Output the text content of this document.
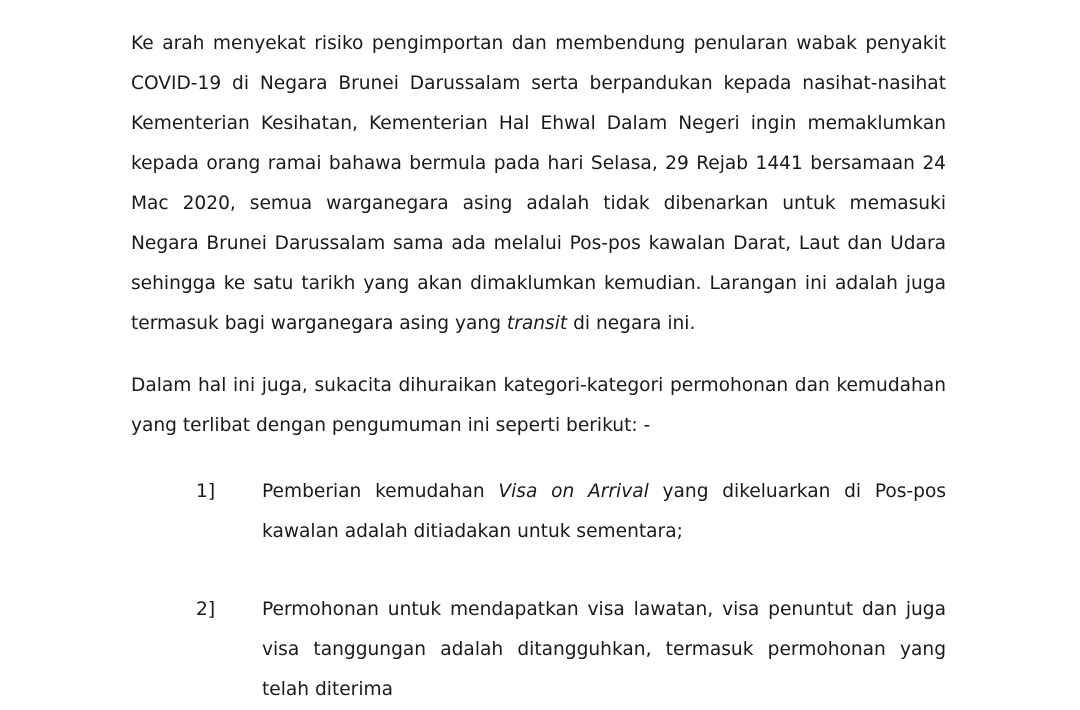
Ke arah menyekat risiko pengimportan dan membendung penularan wabak penyakit COVID-19 di Negara Brunei Darussalam serta berpandukan kepada nasihat-nasihat Kementerian Kesihatan, Kementerian Hal Ehwal Dalam Negeri ingin memaklumkan kepada orang ramai bahawa bermula pada hari Selasa, 29 Rejab 1441 bersamaan 24 Mac 2020, semua warganegara asing adalah tidak dibenarkan untuk memasuki Negara Brunei Darussalam sama ada melalui Pos-pos kawalan Darat, Laut dan Udara sehingga ke satu tarikh yang akan dimaklumkan kemudian. Larangan ini adalah juga termasuk bagi warganegara asing yang transit di negara ini.

Dalam hal ini juga, sukacita dihuraikan kategori-kategori permohonan dan kemudahan yang terlibat dengan pengumuman ini seperti berikut: -

1]	Pemberian kemudahan Visa on Arrival yang dikeluarkan di Pos-pos kawalan adalah ditiadakan untuk sementara;

2]	Permohonan untuk mendapatkan visa lawatan, visa penuntut dan juga visa tanggungan adalah ditangguhkan, termasuk permohonan yang telah diterima
